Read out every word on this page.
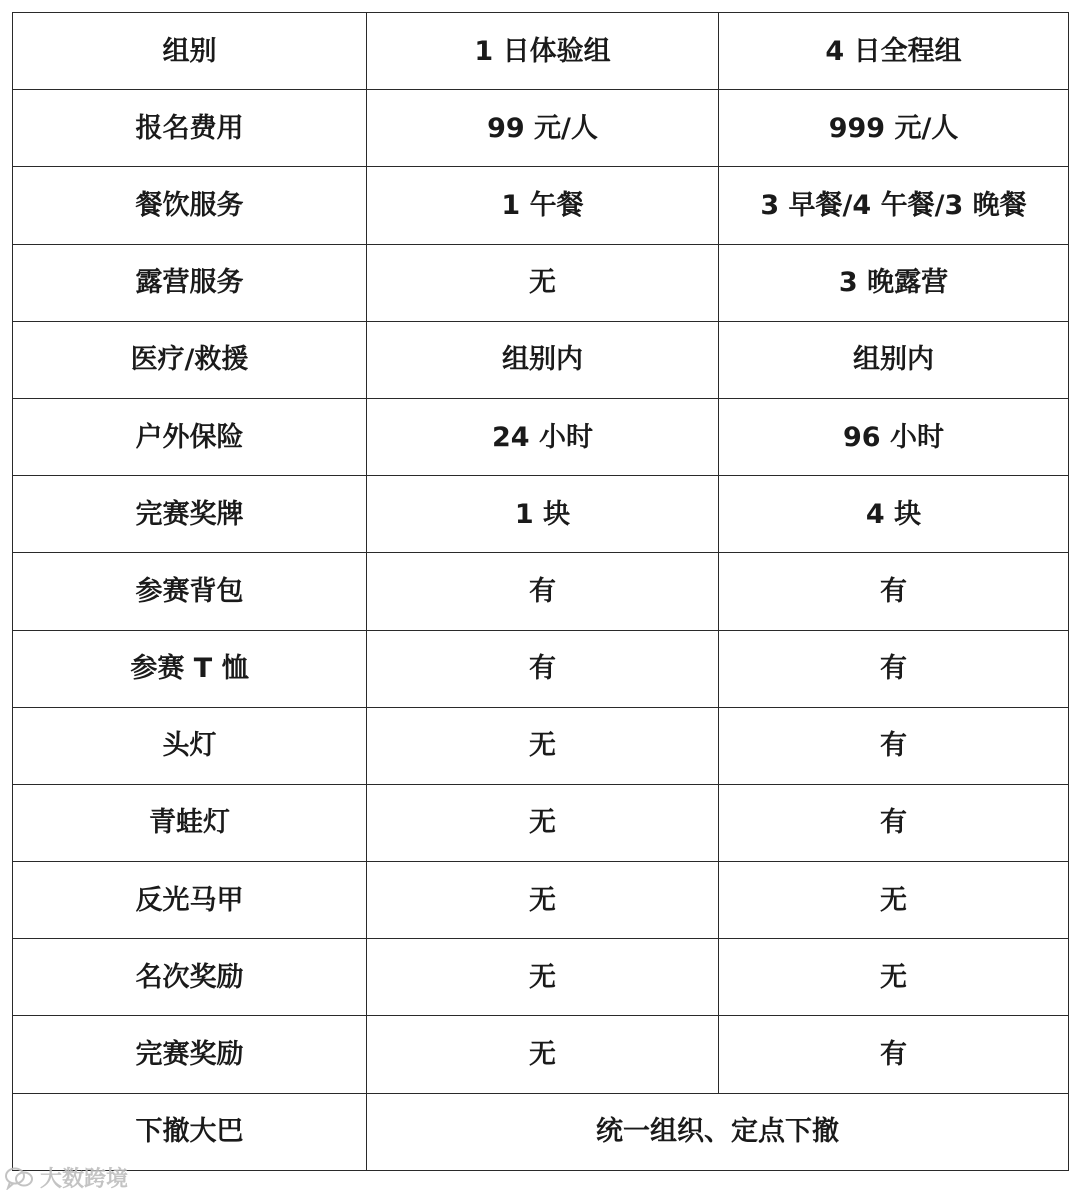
组别	1 日体验组	4 日全程组
报名费用	99 元/人	999 元/人
餐饮服务	1 午餐	3 早餐/4 午餐/3 晚餐
露营服务	无	3 晚露营
医疗/救援	组别内	组别内
户外保险	24 小时	96 小时
完赛奖牌	1 块	4 块
参赛背包	有	有
参赛 T 恤	有	有
头灯	无	有
青蛙灯	无	有
反光马甲	无	无
名次奖励	无	无
完赛奖励	无	有
下撤大巴	统一组织、定点下撤	
大数跨境
